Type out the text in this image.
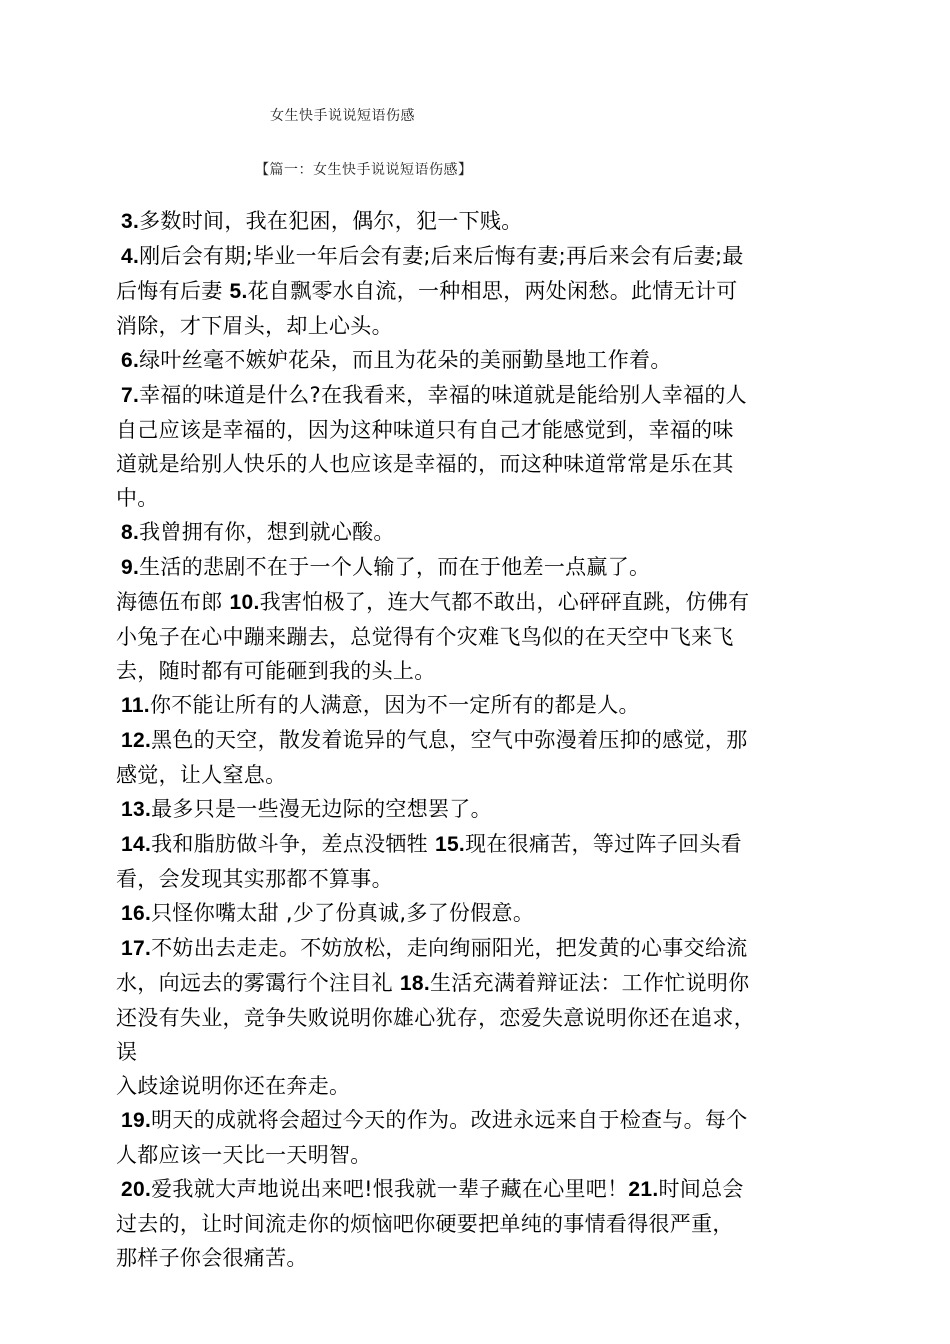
女生快手说说短语伤感
【篇一：女生快手说说短语伤感】
3.多数时间，我在犯困，偶尔，犯一下贱。
4.刚后会有期;毕业一年后会有妻;后来后悔有妻;再后来会有后妻;最
后悔有后妻 5.花自飘零水自流，一种相思，两处闲愁。此情无计可
消除，才下眉头，却上心头。
6.绿叶丝毫不嫉妒花朵，而且为花朵的美丽勤垦地工作着。
7.幸福的味道是什么?在我看来，幸福的味道就是能给别人幸福的人
自己应该是幸福的，因为这种味道只有自己才能感觉到，幸福的味
道就是给别人快乐的人也应该是幸福的，而这种味道常常是乐在其
中。
8.我曾拥有你，想到就心酸。
9.生活的悲剧不在于一个人输了，而在于他差一点赢了。
海德伍布郎 10.我害怕极了，连大气都不敢出，心砰砰直跳，仿佛有
小兔子在心中蹦来蹦去，总觉得有个灾难飞鸟似的在天空中飞来飞
去，随时都有可能砸到我的头上。
11.你不能让所有的人满意，因为不一定所有的都是人。
12.黑色的天空，散发着诡异的气息，空气中弥漫着压抑的感觉，那
感觉，让人窒息。
13.最多只是一些漫无边际的空想罢了。
14.我和脂肪做斗争，差点没牺牲 15.现在很痛苦，等过阵子回头看
看，会发现其实那都不算事。
16.只怪你嘴太甜 ,少了份真诚,多了份假意。
17.不妨出去走走。不妨放松，走向绚丽阳光，把发黄的心事交给流
水，向远去的雾霭行个注目礼 18.生活充满着辩证法：工作忙说明你
还没有失业，竞争失败说明你雄心犹存，恋爱失意说明你还在追求，
误
入歧途说明你还在奔走。
19.明天的成就将会超过今天的作为。改进永远来自于检查与。每个
人都应该一天比一天明智。
20.爱我就大声地说出来吧!恨我就一辈子藏在心里吧！21.时间总会
过去的，让时间流走你的烦恼吧你硬要把单纯的事情看得很严重，
那样子你会很痛苦。
